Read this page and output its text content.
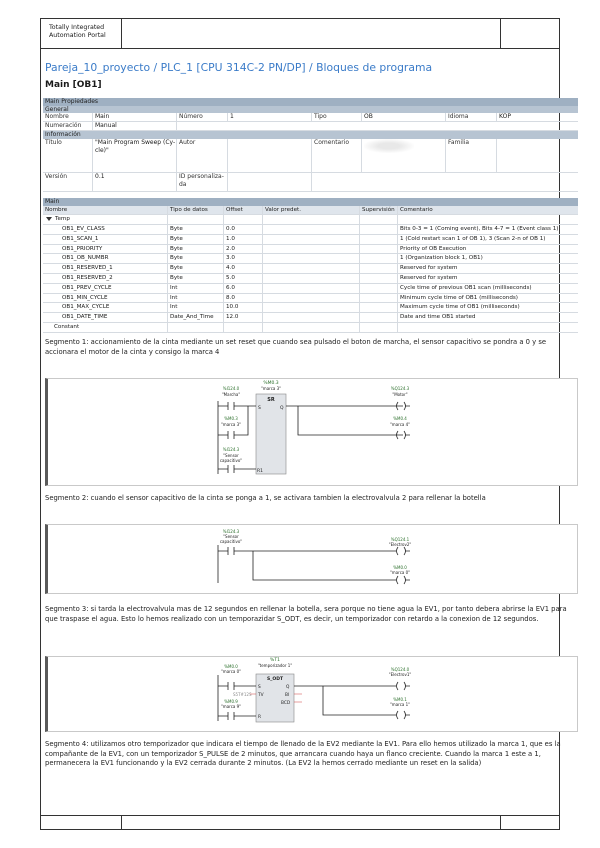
Totally Integrated
Automation Portal
Pareja_10_proyecto / PLC_1 [CPU 314C-2 PN/DP] / Bloques de programa
Main [OB1]
Main Propiedades
General
Nombre	Main	Número	1	Tipo	OB	Idioma	KOP
Numeración	Manual
Información
Título	"Main Program Sweep (Cy-
cle)"
Autor	Comentario	Familia
Versión	0.1	ID personaliza-
da
Main
Nombre	Tipo de datos	Offset	Valor predet.	Supervisión Comentario
Temp
OB1_EV_CLASS	Byte	0.0	Bits 0-3 = 1 (Coming event), Bits 4-7 = 1 (Event class 1)
OB1_SCAN_1	Byte	1.0	1 (Cold restart scan 1 of OB 1), 3 (Scan 2-n of OB 1)
OB1_PRIORITY	Byte	2.0	Priority of OB Execution
OB1_OB_NUMBR	Byte	3.0	1 (Organization block 1, OB1)
OB1_RESERVED_1	Byte	4.0	Reserved for system
OB1_RESERVED_2	Byte	5.0	Reserved for system
OB1_PREV_CYCLE	Int	6.0	Cycle time of previous OB1 scan (milliseconds)
OB1_MIN_CYCLE	Int	8.0	Minimum cycle time of OB1 (milliseconds)
OB1_MAX_CYCLE	Int	10.0	Maximum cycle time of OB1 (milliseconds)
OB1_DATE_TIME	Date_And_Time	12.0	Date and time OB1 started
Constant
Segmento 1: accionamiento de la cinta mediante un set reset que cuando sea pulsado el boton de marcha, el sensor capacitivo se pondra a 0 y se accionara el motor de la cinta y consigo la marca 4
%M0.3
"marca 3"
SR
S	Q
R1
%I124.0
"Marcha"
%M0.3
"marca 3"
%I124.3
"Sensor
capacitivo"
%Q124.3
"Motor"
%M0.4
"marca 4"
Segmento 2: cuando el sensor capacitivo de la cinta se ponga a 1, se activara tambien la electrovalvula 2 para rellenar la botella
%I124.3
"Sensor
capacitivo"	%Q124.1
"Electrov2"
%M0.0
"marca 0"
Segmento 3: si tarda la electrovalvula mas de 12 segundos en rellenar la botella, sera porque no tiene agua la EV1, por tanto debera abrirse la EV1 para que traspase el agua. Esto lo hemos realizado con un temporazidar S_ODT, es decir, un temporizador con retardo a la conexion de 12 segundos.
%T1
"temporizador 1"
S_ODT
S
TV
R
Q
BI
BCD
S5T#12S
%M0.0
"marca 0"
%M0.9
"marca 9"
%Q124.0
"Electrov1"
%M0.1
"marca 1"
Segmento 4: utilizamos otro temporizador que indicara el tiempo de llenado de la EV2 mediante la EV1. Para ello hemos utilizado la marca 1, que es la compañante de la EV1, con un temporizador S_PULSE de 2 minutos, que arrancara cuando haya un flanco creciente. Cuando la marca 1 este a 1, permanecera la EV1 funcionando y la EV2 cerrada durante 2 minutos. (La EV2 la hemos cerrado mediante un reset en la salida)
